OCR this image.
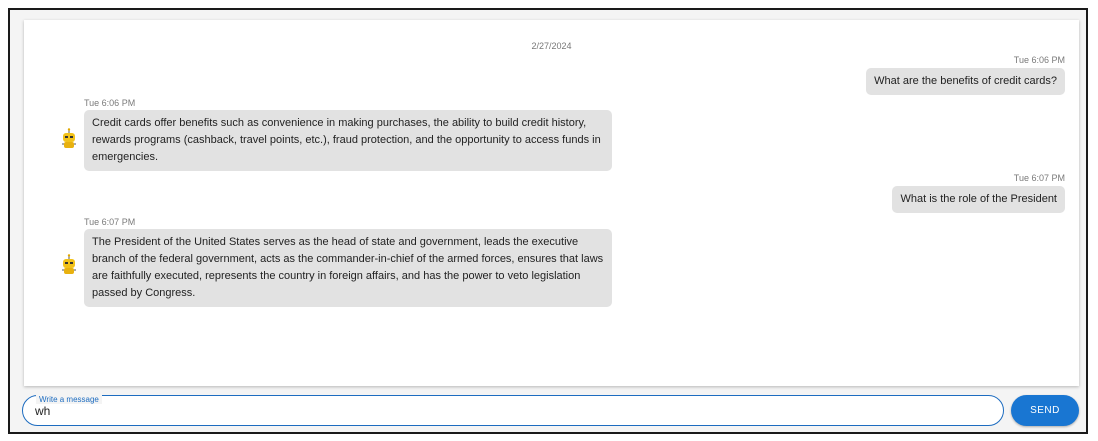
2/27/2024
Tue 6:06 PM
What are the benefits of credit cards?
Tue 6:06 PM
Credit cards offer benefits such as convenience in making purchases, the ability to build credit history, rewards programs (cashback, travel points, etc.), fraud protection, and the opportunity to access funds in emergencies.
Tue 6:07 PM
What is the role of the President
Tue 6:07 PM
The President of the United States serves as the head of state and government, leads the executive branch of the federal government, acts as the commander-in-chief of the armed forces, ensures that laws are faithfully executed, represents the country in foreign affairs, and has the power to veto legislation passed by Congress.
Write a message
wh
SEND
